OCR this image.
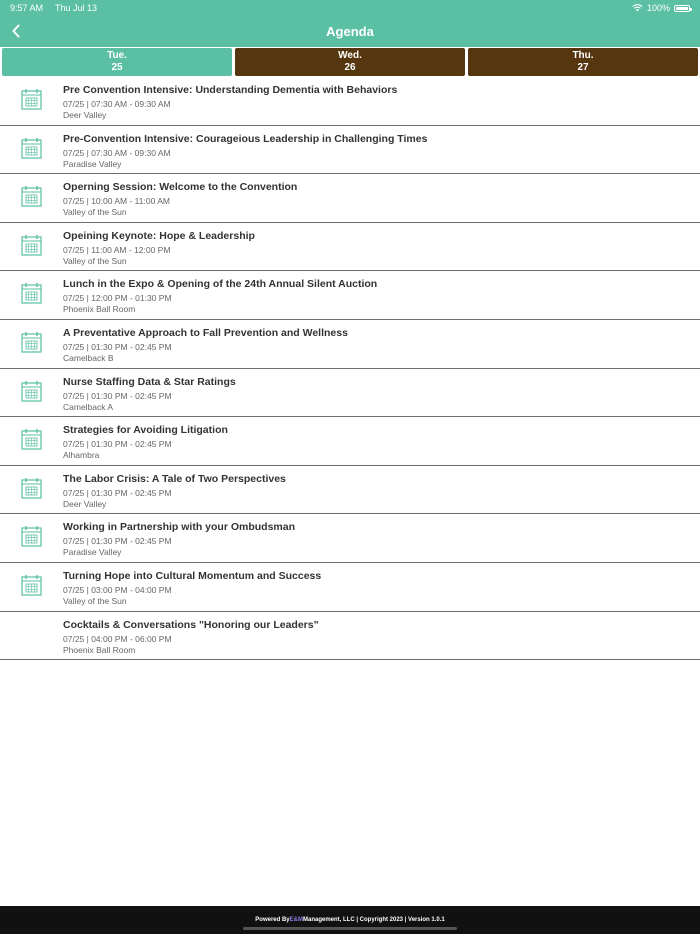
9:57 AM Thu Jul 13	100%
Agenda
Tue.
25
Wed.
26
Thu.
27
Pre Convention Intensive: Understanding Dementia with Behaviors
07/25 | 07:30 AM - 09:30 AM
Deer Valley
Pre-Convention Intensive: Courageious Leadership in Challenging Times
07/25 | 07:30 AM - 09:30 AM
Paradise Valley
Operning Session: Welcome to the Convention
07/25 | 10:00 AM - 11:00 AM
Valley of the Sun
Opeining Keynote: Hope & Leadership
07/25 | 11:00 AM - 12:00 PM
Valley of the Sun
Lunch in the Expo & Opening of the 24th Annual Silent Auction
07/25 | 12:00 PM - 01:30 PM
Phoenix Ball Room
A Preventative Approach to Fall Prevention and Wellness
07/25 | 01:30 PM - 02:45 PM
Camelback B
Nurse Staffing Data & Star Ratings
07/25 | 01:30 PM - 02:45 PM
Camelback A
Strategies for Avoiding Litigation
07/25 | 01:30 PM - 02:45 PM
Alhambra
The Labor Crisis: A Tale of Two Perspectives
07/25 | 01:30 PM - 02:45 PM
Deer Valley
Working in Partnership with your Ombudsman
07/25 | 01:30 PM - 02:45 PM
Paradise Valley
Turning Hope into Cultural Momentum and Success
07/25 | 03:00 PM - 04:00 PM
Valley of the Sun
Cocktails & Conversations "Honoring our Leaders"
07/25 | 04:00 PM - 06:00 PM
Phoenix Ball Room
Powered By E&M Management, LLC | Copyright 2023 | Version 1.0.1
